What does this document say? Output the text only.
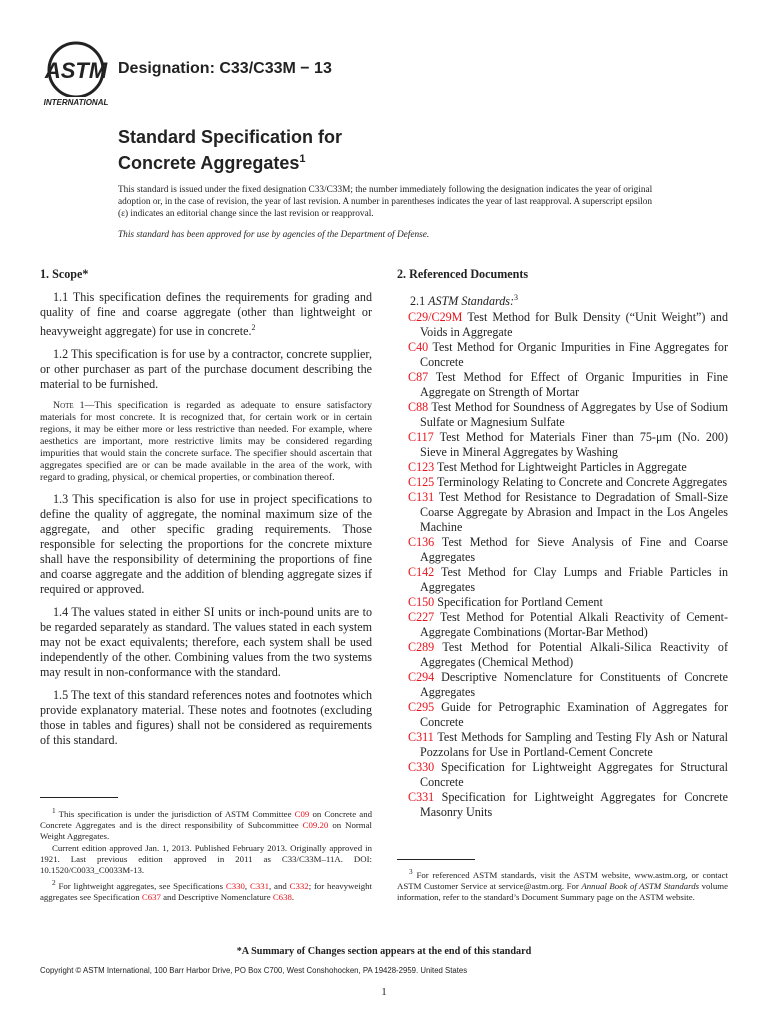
ASTM
INTERNATIONAL
Designation: C33/C33M − 13
Standard Specification for
Concrete Aggregates$^1$
This standard is issued under the fixed designation C33/C33M; the number immediately following the designation indicates the year of original adoption or, in the case of revision, the year of last revision. A number in parentheses indicates the year of last reapproval. A superscript epsilon (ε) indicates an editorial change since the last revision or reapproval.
This standard has been approved for use by agencies of the Department of Defense.
1. Scope*

1.1 This specification defines the requirements for grading and quality of fine and coarse aggregate (other than lightweight or heavyweight aggregate) for use in concrete.$^2$

1.2 This specification is for use by a contractor, concrete supplier, or other purchaser as part of the purchase document describing the material to be furnished.

Note 1—This specification is regarded as adequate to ensure satisfactory materials for most concrete. It is recognized that, for certain work or in certain regions, it may be either more or less restrictive than needed. For example, where aesthetics are important, more restrictive limits may be considered regarding impurities that would stain the concrete surface. The specifier should ascertain that aggregates specified are or can be made available in the area of the work, with regard to grading, physical, or chemical properties, or combination thereof.

1.3 This specification is also for use in project specifications to define the quality of aggregate, the nominal maximum size of the aggregate, and other specific grading requirements. Those responsible for selecting the proportions for the concrete mixture shall have the responsibility of determining the proportions of fine and coarse aggregate and the addition of blending aggregate sizes if required or approved.

1.4 The values stated in either SI units or inch-pound units are to be regarded separately as standard. The values stated in each system may not be exact equivalents; therefore, each system shall be used independently of the other. Combining values from the two systems may result in non-conformance with the standard.

1.5 The text of this standard references notes and footnotes which provide explanatory material. These notes and footnotes (excluding those in tables and figures) shall not be considered as requirements of this standard.

2. Referenced Documents
2.1 ASTM Standards:$^3$
C29/C29M Test Method for Bulk Density (“Unit Weight”) and Voids in Aggregate
C40 Test Method for Organic Impurities in Fine Aggregates for Concrete
C87 Test Method for Effect of Organic Impurities in Fine Aggregate on Strength of Mortar
C88 Test Method for Soundness of Aggregates by Use of Sodium Sulfate or Magnesium Sulfate
C117 Test Method for Materials Finer than 75-μm (No. 200) Sieve in Mineral Aggregates by Washing
C123 Test Method for Lightweight Particles in Aggregate
C125 Terminology Relating to Concrete and Concrete Aggregates
C131 Test Method for Resistance to Degradation of Small-Size Coarse Aggregate by Abrasion and Impact in the Los Angeles Machine
C136 Test Method for Sieve Analysis of Fine and Coarse Aggregates
C142 Test Method for Clay Lumps and Friable Particles in Aggregates
C150 Specification for Portland Cement
C227 Test Method for Potential Alkali Reactivity of Cement-Aggregate Combinations (Mortar-Bar Method)
C289 Test Method for Potential Alkali-Silica Reactivity of Aggregates (Chemical Method)
C294 Descriptive Nomenclature for Constituents of Concrete Aggregates
C295 Guide for Petrographic Examination of Aggregates for Concrete
C311 Test Methods for Sampling and Testing Fly Ash or Natural Pozzolans for Use in Portland-Cement Concrete
C330 Specification for Lightweight Aggregates for Structural Concrete
C331 Specification for Lightweight Aggregates for Concrete Masonry Units

$^1$ This specification is under the jurisdiction of ASTM Committee C09 on Concrete and Concrete Aggregates and is the direct responsibility of Subcommittee C09.20 on Normal Weight Aggregates.

Current edition approved Jan. 1, 2013. Published February 2013. Originally approved in 1921. Last previous edition approved in 2011 as C33/C33M–11A. DOI: 10.1520/C0033_C0033M-13.

$^2$ For lightweight aggregates, see Specifications C330, C331, and C332; for heavyweight aggregates see Specification C637 and Descriptive Nomenclature C638.

$^3$ For referenced ASTM standards, visit the ASTM website, www.astm.org, or contact ASTM Customer Service at service@astm.org. For Annual Book of ASTM Standards volume information, refer to the standard’s Document Summary page on the ASTM website.

*A Summary of Changes section appears at the end of this standard
Copyright © ASTM International, 100 Barr Harbor Drive, PO Box C700, West Conshohocken, PA 19428-2959. United States
1
